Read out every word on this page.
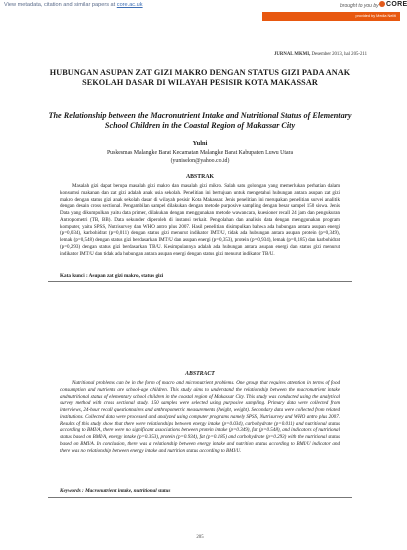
View metadata, citation and similar papers at core.ac.uk	brought to you by	CORE
provided by Media Neliti
JURNAL MKMI, Desember 2013, hal 205-211
HUBUNGAN ASUPAN ZAT GIZI MAKRO DENGAN STATUS GIZI PADA ANAK SEKOLAH DASAR DI WILAYAH PESISIR KOTA MAKASSAR
The Relationship between the Macronutrient Intake and Nutritional Status of Elementary School Children in the Coastal Region of Makassar City
Yulni
Puskesmas Malangke Barat Kecamatan Malangke Barat Kabupaten Luwu Utara
(yuniselon@yahoo.co.id)
ABSTRAK
Masalah gizi dapat berupa masalah gizi makro dan masalah gizi mikro. Salah satu golongan yang memerlukan perhatian dalam konsumsi makanan dan zat gizi adalah anak usia sekolah. Penelitian ini bertujuan untuk mengetahui hubungan antara asupan zat gizi makro dengan status gizi anak sekolah dasar di wilayah pesisir Kota Makassar. Jenis penelitian ini merupakan penelitian survei analitik dengan desain cross sectional. Pengambilan sampel dilakukan dengan metode purposive sampling dengan besar sampel 150 siswa. Jenis Data yang dikumpulkan yaitu data primer, dilakukan dengan menggunakan metode wawancara, kuesioner recall 24 jam dan pengukuran Antropometri (TB, BB). Data sekunder diperoleh di instansi terkait. Pengolahan dan analisis data dengan menggunakan program komputer, yaitu SPSS, Nutrisurvey dan WHO antro plus 2007. Hasil penelitian disimpulkan bahwa ada hubungan antara asupan energi (p=0,034), karbohidrat (p=0,011) dengan status gizi menurut indikator IMT/U, tidak ada hubungan antara asupan protein (p=0,349), lemak (p=0,548) dengan status gizi berdasarkan IMT/U dan asupan energi (p=0,353), protein (p=0,934), lemak (p=0,185) dan karbohidrat (p=0,293) dengan status gizi berdasarkan TB/U. Kesimpulannya adalah ada hubungan antara asupan energi dan status gizi menurut indikator IMT/U dan tidak ada hubungan antara asupan energi dengan status gizi menurut indikator TB/U.
Kata kunci : Asupan zat gizi makro, status gizi
ABSTRACT
Nutritional problems can be in the form of macro and micronutrient problems. One group that requires attention in terms of food consumption and nutrients are school-age children. This study aims to understand the relationship between the macronutrient intake andnutritional status of elementary school children in the coastal region of Makassar City. This study was conducted using the analytical survey method with cross sectional study. 150 samples were selected using purposive sampling. Primary data were collected from interviews, 24-hour recall questionnaires and anthropometric measurements (height, weight). Secondary data were collected from related institutions. Collected data were processed and analyzed using computer programs namely SPSS, Nutrisurvey and WHO antro plus 2007. Results of this study show that there were relationships between energy intake (p=0.034), carbohydrate (p=0.011) and nutritional status according to BMI/A, there were no significant associations between protein intake (p=0.349), fat (p=0.548), and indicators of nutritional status based on BMI/A, energy intake (p=0.353), protein (p=0.934), fat (p=0.185) and carbohydrate (p=0.293) with the nutritional status based on BMI/A. In conclusion, there was a relationship between energy intake and nutrition status according to BMI/U indicator and there was no relationship between energy intake and nutrition status according to BMI/U.
Keywords : Macronutrient intake, nutritional status
205
